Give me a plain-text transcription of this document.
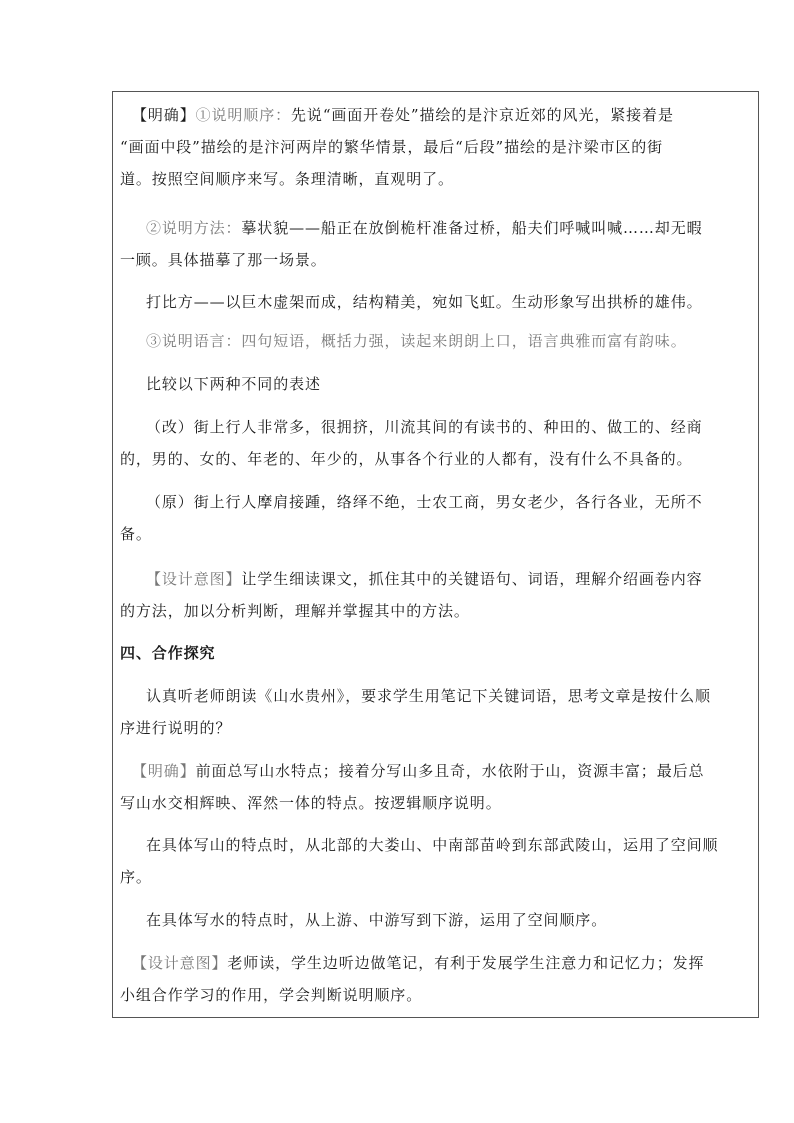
【明确】①说明顺序：先说“画面开卷处”描绘的是汴京近郊的风光，紧接着是
“画面中段”描绘的是汴河两岸的繁华情景，最后“后段”描绘的是汴梁市区的街
道。按照空间顺序来写。条理清晰，直观明了。
②说明方法：摹状貌——船正在放倒桅杆准备过桥，船夫们呼喊叫喊……却无暇
一顾。具体描摹了那一场景。
打比方——以巨木虚架而成，结构精美，宛如飞虹。生动形象写出拱桥的雄伟。
③说明语言：四句短语，概括力强，读起来朗朗上口，语言典雅而富有韵味。
比较以下两种不同的表述
（改）街上行人非常多，很拥挤，川流其间的有读书的、种田的、做工的、经商
的，男的、女的、年老的、年少的，从事各个行业的人都有，没有什么不具备的。
（原）街上行人摩肩接踵，络绎不绝，士农工商，男女老少，各行各业，无所不
备。
【设计意图】让学生细读课文，抓住其中的关键语句、词语，理解介绍画卷内容
的方法，加以分析判断，理解并掌握其中的方法。
四、合作探究
认真听老师朗读《山水贵州》，要求学生用笔记下关键词语，思考文章是按什么顺
序进行说明的？
【明确】前面总写山水特点；接着分写山多且奇，水依附于山，资源丰富；最后总
写山水交相辉映、浑然一体的特点。按逻辑顺序说明。
在具体写山的特点时，从北部的大娄山、中南部苗岭到东部武陵山，运用了空间顺
序。
在具体写水的特点时，从上游、中游写到下游，运用了空间顺序。
【设计意图】老师读，学生边听边做笔记，有利于发展学生注意力和记忆力；发挥
小组合作学习的作用，学会判断说明顺序。
